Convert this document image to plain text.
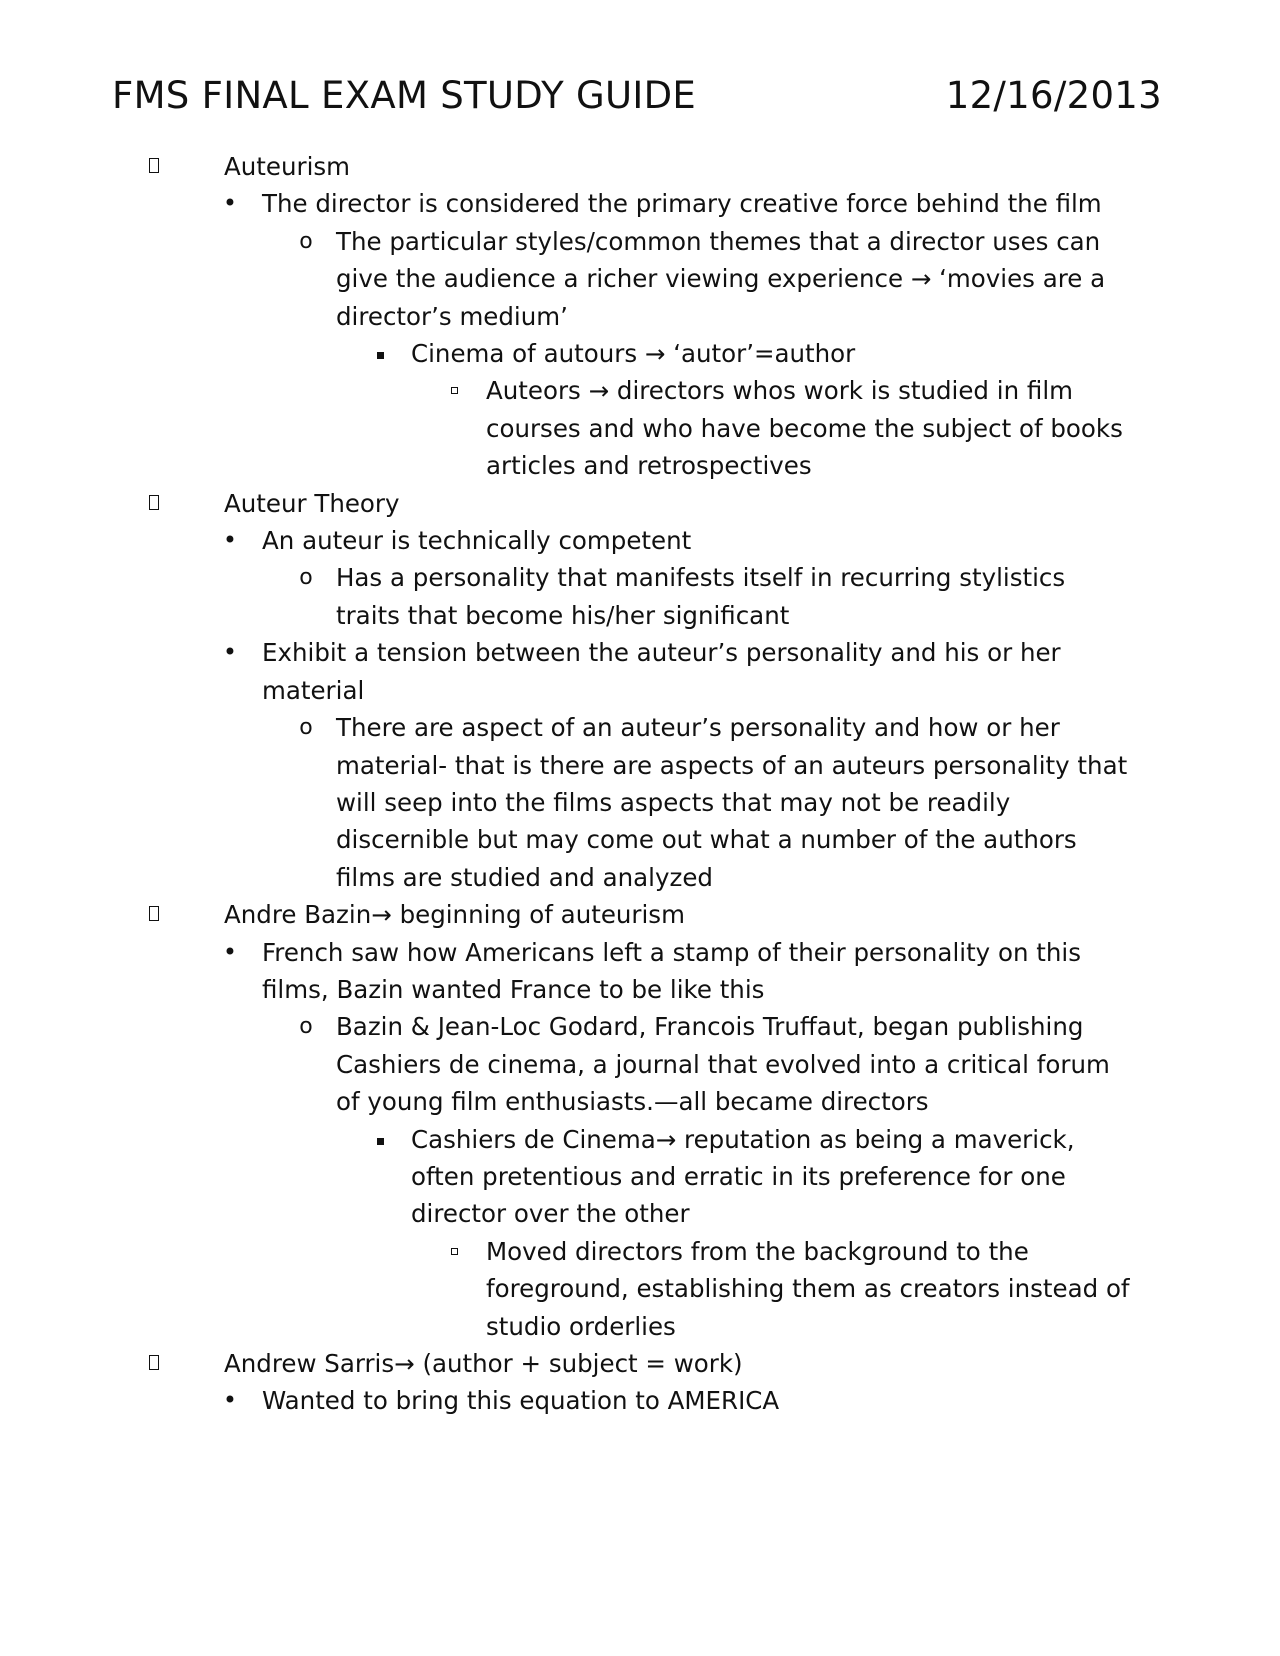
FMS FINAL EXAM STUDY GUIDE	12/16/2013
Auteurism
• The director is considered the primary creative force behind the film
o The particular styles/common themes that a director uses can give the audience a richer viewing experience → ‘movies are a director’s medium’
Cinema of autours → ‘autor’=author
Auteors → directors whos work is studied in film courses and who have become the subject of books articles and retrospectives
Auteur Theory
• An auteur is technically competent
o Has a personality that manifests itself in recurring stylistics traits that become his/her significant
• Exhibit a tension between the auteur’s personality and his or her material
o There are aspect of an auteur’s personality and how or her material- that is there are aspects of an auteurs personality that will seep into the films aspects that may not be readily discernible but may come out what a number of the authors films are studied and analyzed
Andre Bazin→ beginning of auteurism
• French saw how Americans left a stamp of their personality on this films, Bazin wanted France to be like this
o Bazin & Jean-Loc Godard, Francois Truffaut, began publishing Cashiers de cinema, a journal that evolved into a critical forum of young film enthusiasts.—all became directors
Cashiers de Cinema→ reputation as being a maverick, often pretentious and erratic in its preference for one director over the other
Moved directors from the background to the foreground, establishing them as creators instead of studio orderlies
Andrew Sarris→ (author + subject = work)
• Wanted to bring this equation to AMERICA
